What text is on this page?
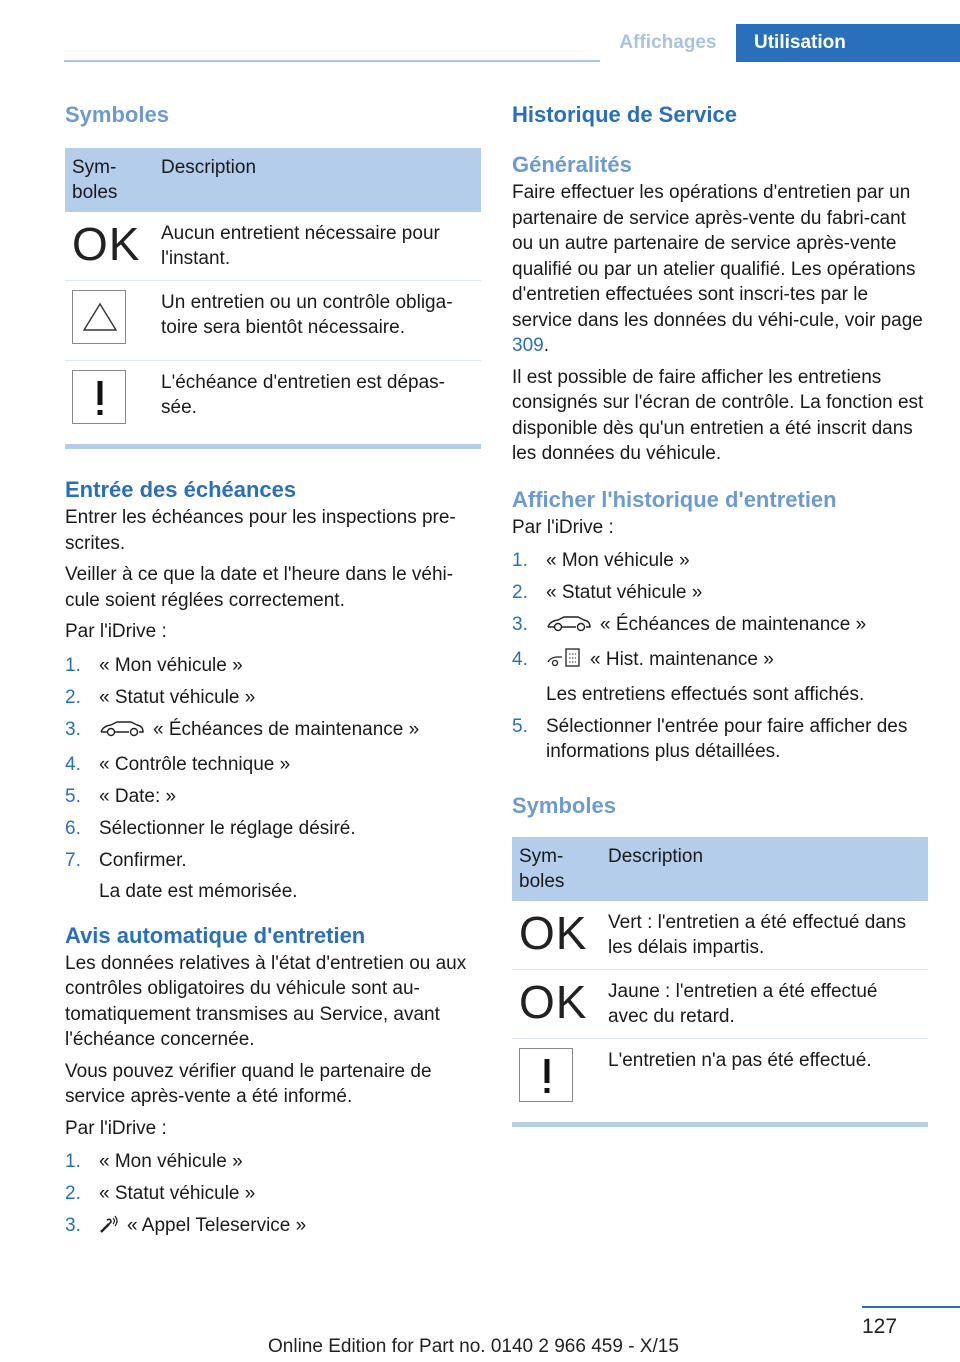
Affichages	Utilisation
Symboles
Sym-
boles	Description
OK	Aucun entretient nécessaire pour l'instant.

	Un entretien ou un contrôle obliga-toire sera bientôt nécessaire.

	L'échéance d'entretien est dépas-sée.
Entrée des échéances

Entrer les échéances pour les inspections pre-scrites.

Veiller à ce que la date et l'heure dans le véhi-cule soient réglées correctement.

Par l'iDrive :

1. « Mon véhicule »
2. « Statut véhicule »
3.	« Échéances de maintenance »
4. « Contrôle technique »
5. « Date: »
6. Sélectionner le réglage désiré.
7. Confirmer.
La date est mémorisée.
Avis automatique d'entretien

Les données relatives à l'état d'entretien ou aux contrôles obligatoires du véhicule sont au-tomatiquement transmises au Service, avant l'échéance concernée.

Vous pouvez vérifier quand le partenaire de service après-vente a été informé.

Par l'iDrive :

1. « Mon véhicule »
2. « Statut véhicule »
3. « Appel Teleservice »
Historique de Service
Généralités

Faire effectuer les opérations d'entretien par un partenaire de service après-vente du fabri-cant ou un autre partenaire de service après-vente qualifié ou par un atelier qualifié. Les opérations d'entretien effectuées sont inscri-tes par le service dans les données du véhi-cule, voir page 309.

Il est possible de faire afficher les entretiens consignés sur l'écran de contrôle. La fonction est disponible dès qu'un entretien a été inscrit dans les données du véhicule.

Afficher l'historique d'entretien

Par l'iDrive :

1. « Mon véhicule »
2. « Statut véhicule »
3.	« Échéances de maintenance »
4.	« Hist. maintenance »
Les entretiens effectués sont affichés.
5. Sélectionner l'entrée pour faire afficher des informations plus détaillées.
Symboles
Sym-
boles	Description
OK	Vert : l'entretien a été effectué dans les délais impartis.
OK	Jaune : l'entretien a été effectué avec du retard.

	L'entretien n'a pas été effectué.
127
Online Edition for Part no. 0140 2 966 459 - X/15
